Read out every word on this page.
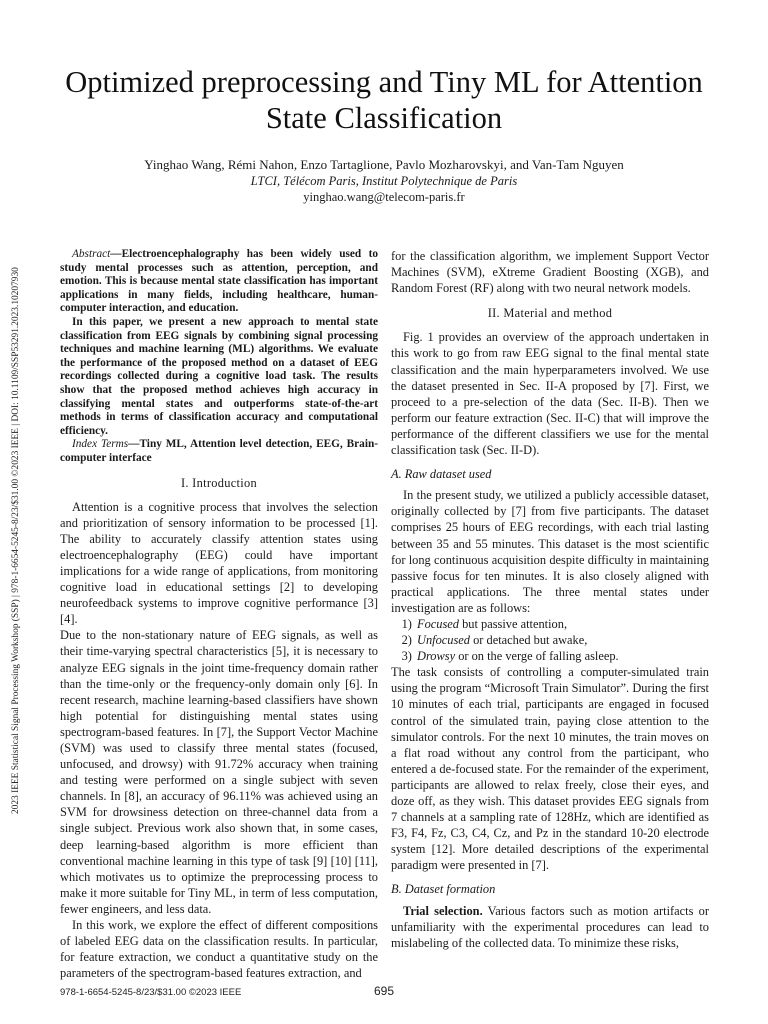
2023 IEEE Statistical Signal Processing Workshop (SSP) | 978-1-6654-5245-8/23/$31.00 ©2023 IEEE | DOI: 10.1109/SSP53291.2023.10207930
Optimized preprocessing and Tiny ML for Attention State Classification
Yinghao Wang, Rémi Nahon, Enzo Tartaglione, Pavlo Mozharovskyi, and Van-Tam Nguyen
LTCI, Télécom Paris, Institut Polytechnique de Paris
yinghao.wang@telecom-paris.fr

Abstract—Electroencephalography has been widely used to study mental processes such as attention, perception, and emotion. This is because mental state classification has important applications in many fields, including healthcare, human-computer interaction, and education.

In this paper, we present a new approach to mental state classification from EEG signals by combining signal processing techniques and machine learning (ML) algorithms. We evaluate the performance of the proposed method on a dataset of EEG recordings collected during a cognitive load task. The results show that the proposed method achieves high accuracy in classifying mental states and outperforms state-of-the-art methods in terms of classification accuracy and computational efficiency.

Index Terms—Tiny ML, Attention level detection, EEG, Brain-computer interface

I. Introduction

Attention is a cognitive process that involves the selection and prioritization of sensory information to be processed [1]. The ability to accurately classify attention states using electroencephalography (EEG) could have important implications for a wide range of applications, from monitoring cognitive load in educational settings [2] to developing neurofeedback systems to improve cognitive performance [3] [4].

Due to the non-stationary nature of EEG signals, as well as their time-varying spectral characteristics [5], it is necessary to analyze EEG signals in the joint time-frequency domain rather than the time-only or the frequency-only domain only [6]. In recent research, machine learning-based classifiers have shown high potential for distinguishing mental states using spectrogram-based features. In [7], the Support Vector Machine (SVM) was used to classify three mental states (focused, unfocused, and drowsy) with 91.72% accuracy when training and testing were performed on a single subject with seven channels. In [8], an accuracy of 96.11% was achieved using an SVM for drowsiness detection on three-channel data from a single subject. Previous work also shown that, in some cases, deep learning-based algorithm is more efficient than conventional machine learning in this type of task [9] [10] [11], which motivates us to optimize the preprocessing process to make it more suitable for Tiny ML, in term of less computation, fewer engineers, and less data.

In this work, we explore the effect of different compositions of labeled EEG data on the classification results. In particular, for feature extraction, we conduct a quantitative study on the parameters of the spectrogram-based features extraction, and

for the classification algorithm, we implement Support Vector Machines (SVM), eXtreme Gradient Boosting (XGB), and Random Forest (RF) along with two neural network models.

II. Material and method

Fig. 1 provides an overview of the approach undertaken in this work to go from raw EEG signal to the final mental state classification and the main hyperparameters involved. We use the dataset presented in Sec. II-A proposed by [7]. First, we proceed to a pre-selection of the data (Sec. II-B). Then we perform our feature extraction (Sec. II-C) that will improve the performance of the different classifiers we use for the mental classification task (Sec. II-D).

A. Raw dataset used

In the present study, we utilized a publicly accessible dataset, originally collected by [7] from five participants. The dataset comprises 25 hours of EEG recordings, with each trial lasting between 35 and 55 minutes. This dataset is the most scientific for long continuous acquisition despite difficulty in maintaining passive focus for ten minutes. It is also closely aligned with practical applications. The three mental states under investigation are as follows:

1. Focused but passive attention,
2. Unfocused or detached but awake,
3. Drowsy or on the verge of falling asleep.

The task consists of controlling a computer-simulated train using the program “Microsoft Train Simulator”. During the first 10 minutes of each trial, participants are engaged in focused control of the simulated train, paying close attention to the simulator controls. For the next 10 minutes, the train moves on a flat road without any control from the participant, who entered a de-focused state. For the remainder of the experiment, participants are allowed to relax freely, close their eyes, and doze off, as they wish. This dataset provides EEG signals from 7 channels at a sampling rate of 128Hz, which are identified as F3, F4, Fz, C3, C4, Cz, and Pz in the standard 10-20 electrode system [12]. More detailed descriptions of the experimental paradigm were presented in [7].

B. Dataset formation

Trial selection. Various factors such as motion artifacts or unfamiliarity with the experimental procedures can lead to mislabeling of the collected data. To minimize these risks,

978-1-6654-5245-8/23/$31.00 ©2023 IEEE	695
